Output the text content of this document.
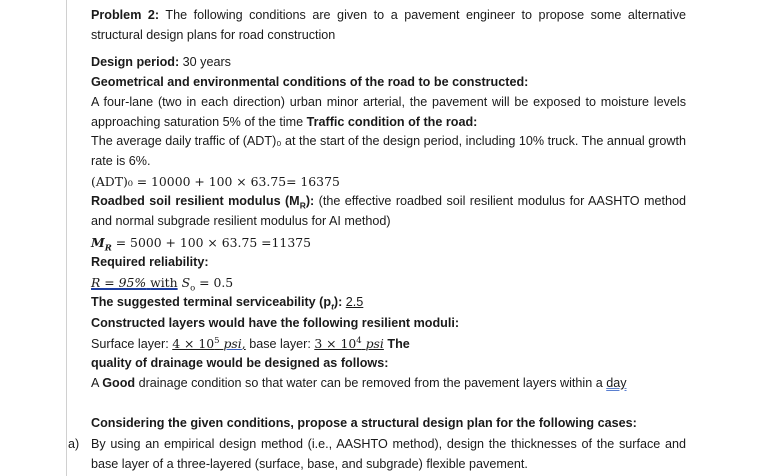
Problem 2: The following conditions are given to a pavement engineer to propose some alternative structural design plans for road construction
Design period: 30 years
Geometrical and environmental conditions of the road to be constructed:
A four-lane (two in each direction) urban minor arterial, the pavement will be exposed to moisture levels approaching saturation 5% of the time Traffic condition of the road:
The average daily traffic of (ADT)₀ at the start of the design period, including 10% truck. The annual growth rate is 6%.
(ADT)₀ = 10000 + 100 × 63.75= 16375
Roadbed soil resilient modulus $(M_R)$: (the effective roadbed soil resilient modulus for AASHTO method and normal subgrade resilient modulus for AI method)
$M_R = 5000 + 100 \times 63.75 =11375$
Required reliability:
R = 95% with $S_o = 0.5$
The suggested terminal serviceability $(p_t)$: 2.5
Constructed layers would have the following resilient moduli:
Surface layer: $4 \times 10^5$ psi, base layer: $3 \times 10^4$ psi The
quality of drainage would be designed as follows:
A Good drainage condition so that water can be removed from the pavement layers within a day
Considering the given conditions, propose a structural design plan for the following cases:
a) By using an empirical design method (i.e., AASHTO method), design the thicknesses of the surface and base layer of a three-layered (surface, base, and subgrade) flexible pavement.
